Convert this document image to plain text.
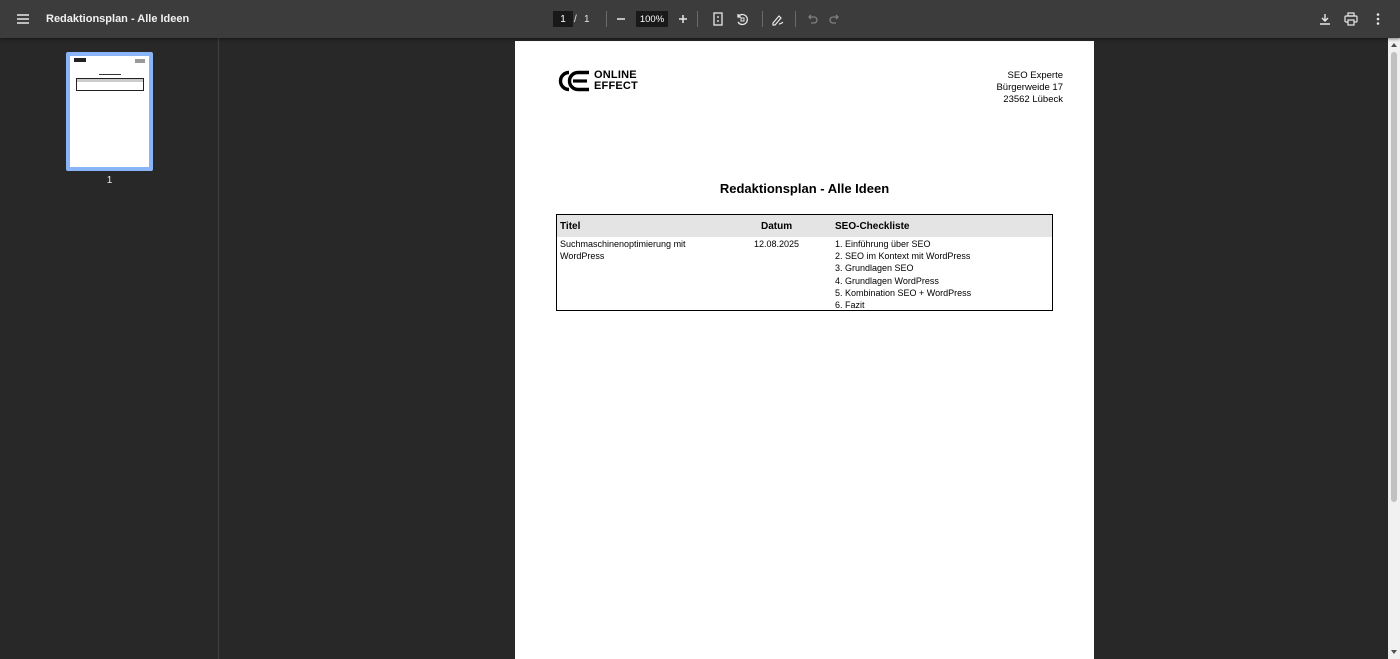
Redaktionsplan - Alle Ideen	1 / 1	100%
1
ONLINE
EFFECT
SEO Experte
Bürgerweide 17
23562 Lübeck
Redaktionsplan - Alle Ideen
Titel	Datum	SEO-Checkliste
Suchmaschinenoptimierung mit
WordPress
12.08.2025	1. Einführung über SEO
2. SEO im Kontext mit WordPress
3. Grundlagen SEO
4. Grundlagen WordPress
5. Kombination SEO + WordPress
6. Fazit
